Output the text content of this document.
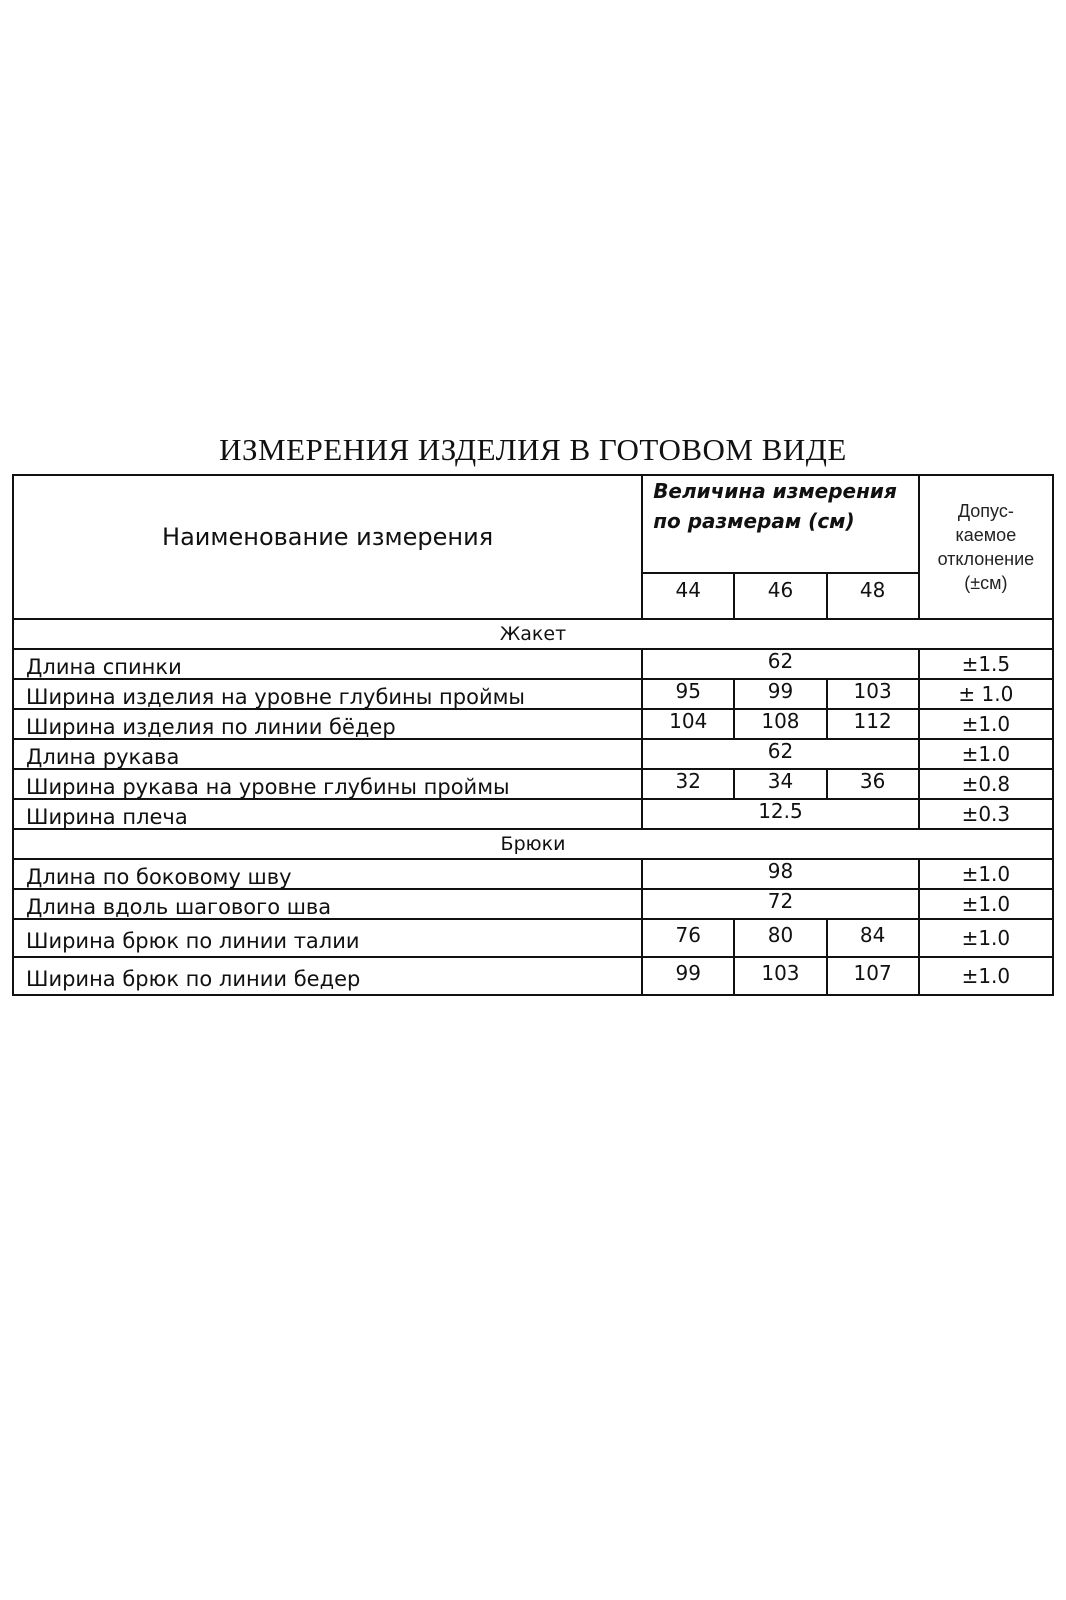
ИЗМЕРЕНИЯ ИЗДЕЛИЯ В ГОТОВОМ ВИДЕ
Наименование измерения	Величина измерения по размерам (см)			Допус-
каемое
отклонение
(±см)

	44	46	48	
Жакет				
Длина спинки	62			±1.5
Ширина изделия на уровне глубины проймы	95	99	103	± 1.0
Ширина изделия по линии бёдер	104	108	112	±1.0
Длина рукава	62			±1.0
Ширина рукава на уровне глубины проймы	32	34	36	±0.8
Ширина плеча	12.5			±0.3
Брюки				
Длина по боковому шву	98			±1.0
Длина вдоль шагового шва	72			±1.0
Ширина брюк по линии талии	76	80	84	±1.0
Ширина брюк по линии бедер	99	103	107	±1.0
